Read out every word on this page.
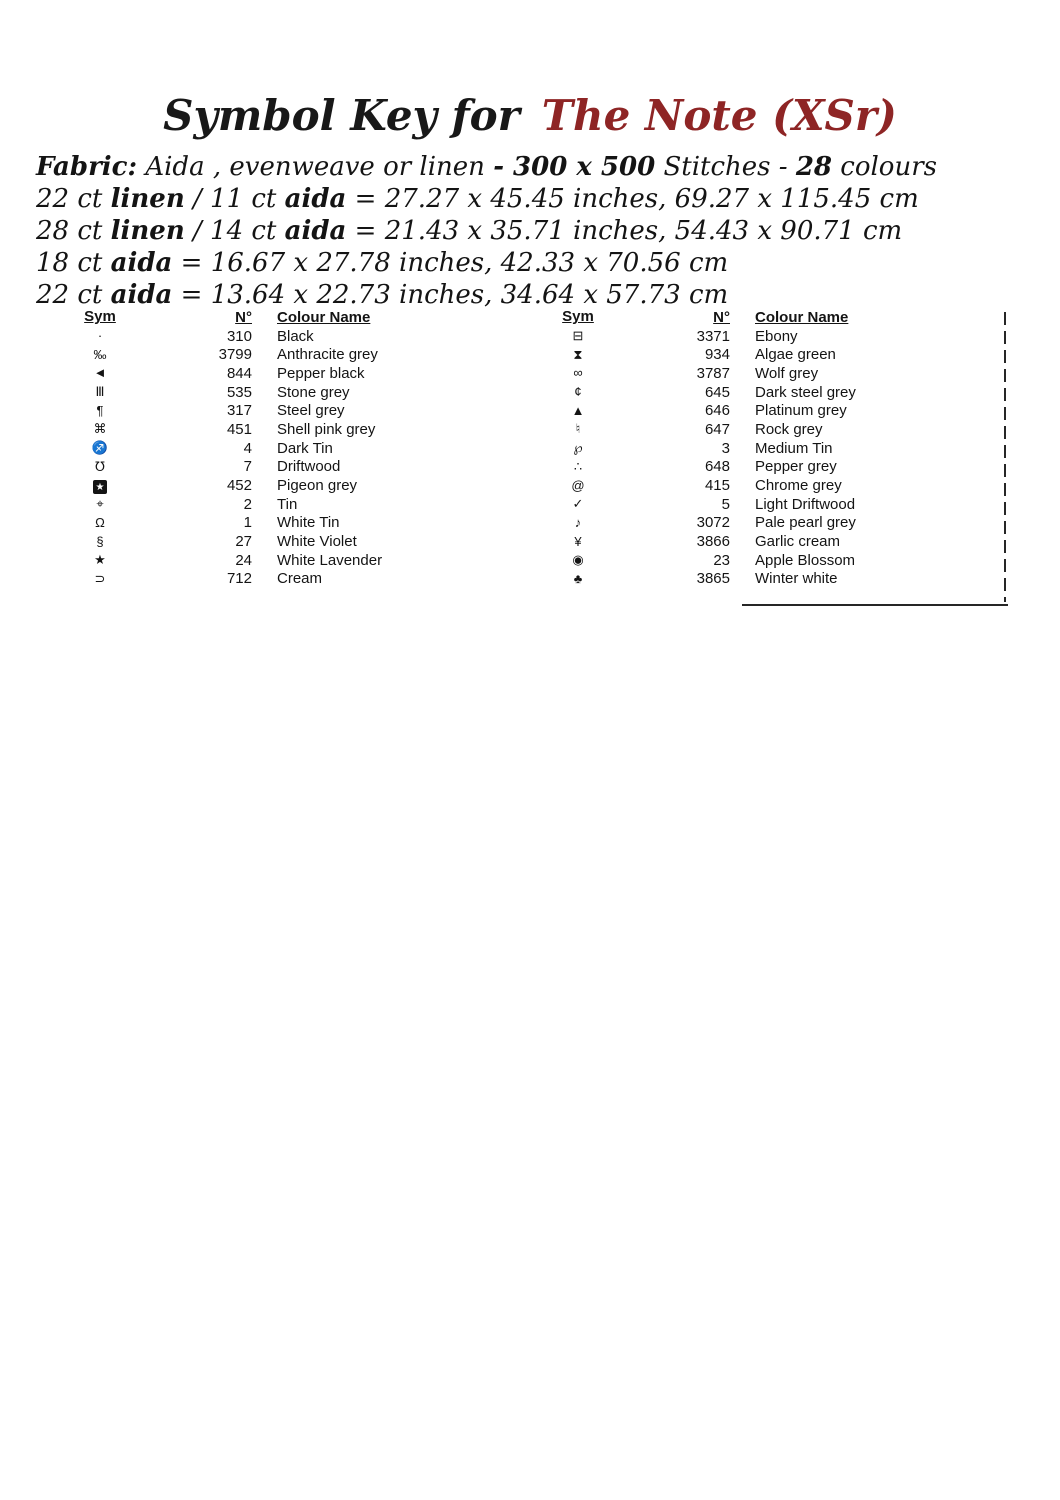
Symbol Key for The Note (XSr)
Fabric: Aida , evenweave or linen - 300 x 500 Stitches - 28 colours
22 ct linen / 11 ct aida = 27.27 x 45.45 inches, 69.27 x 115.45 cm
28 ct linen / 14 ct aida = 21.43 x 35.71 inches, 54.43 x 90.71 cm
18 ct aida = 16.67 x 27.78 inches, 42.33 x 70.56 cm
22 ct aida = 13.64 x 22.73 inches, 34.64 x 57.73 cm
Sym	N° Colour Name
·	310 Black
‰	3799 Anthracite grey
◄	844 Pepper black
Ⅲ	535 Stone grey
¶	317 Steel grey
⌘	451 Shell pink grey
♐	4 Dark Tin
℧	7 Driftwood
★	452 Pigeon grey
⌖	2 Tin
Ω	1 White Tin
§	27 White Violet
★	24 White Lavender
⊃	712 Cream
Sym	N° Colour Name
⊟	3371 Ebony
⧗	934 Algae green
∞	3787 Wolf grey
¢	645 Dark steel grey
▲	646 Platinum grey
♮	647 Rock grey
℘	3 Medium Tin
∴	648 Pepper grey
@	415 Chrome grey
✓	5 Light Driftwood
♪	3072 Pale pearl grey
¥	3866 Garlic cream
◉	23 Apple Blossom
♣	3865 Winter white
